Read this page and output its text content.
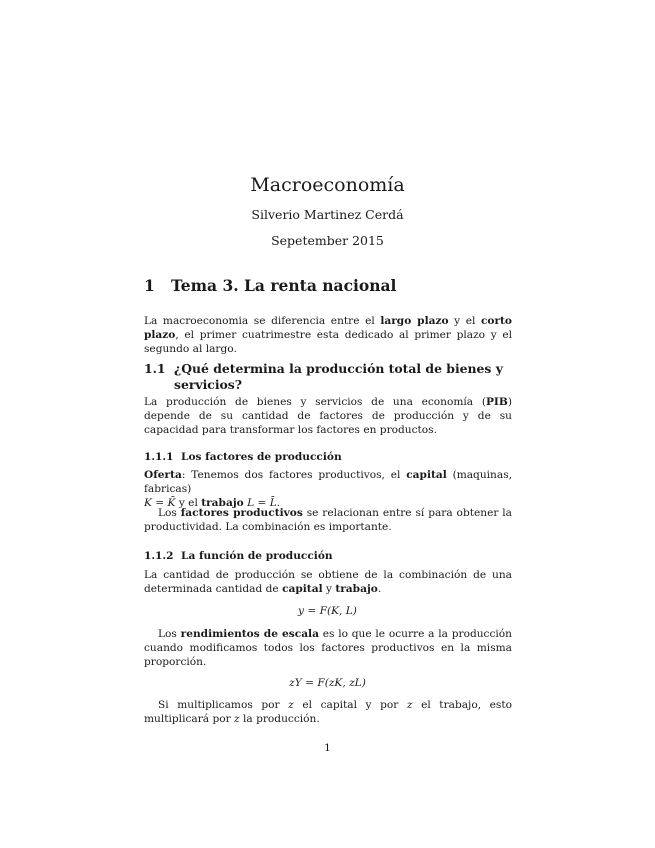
Macroeconomía
Silverio Martinez Cerdá
Sepetember 2015
1 Tema 3. La renta nacional

La macroeconomia se diferencia entre el largo plazo y el corto plazo, el primer cuatrimestre esta dedicado al primer plazo y el segundo al largo.

1.1 ¿Qué determina la producción total de bienes y servicios?

La producción de bienes y servicios de una economía (PIB) depende de su cantidad de factores de producción y de su capacidad para transformar los factores en productos.

1.1.1 Los factores de producción

Oferta: Tenemos dos factores productivos, el capital (maquinas, fabricas)
K = K̄ y el trabajo L = L̄.

Los factores productivos se relacionan entre sí para obtener la productividad. La combinación es importante.

1.1.2 La función de producción

La cantidad de producción se obtiene de la combinación de una determinada cantidad de capital y trabajo.

y = F(K, L)

Los rendimientos de escala es lo que le ocurre a la producción cuando modificamos todos los factores productivos en la misma proporción.

zY = F(zK, zL)

Si multiplicamos por z el capital y por z el trabajo, esto multiplicará por z la producción.

1
